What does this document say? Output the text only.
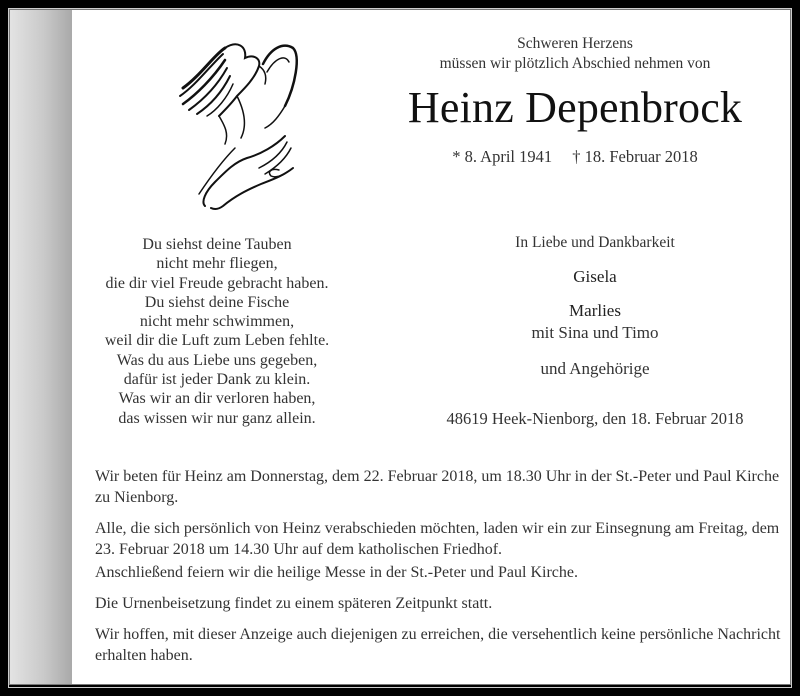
Schweren Herzens
müssen wir plötzlich Abschied nehmen von
Heinz Depenbrock
* 8. April 1941 † 18. Februar 2018
Du siehst deine Tauben
nicht mehr fliegen,
die dir viel Freude gebracht haben.
Du siehst deine Fische
nicht mehr schwimmen,
weil dir die Luft zum Leben fehlte.
Was du aus Liebe uns gegeben,
dafür ist jeder Dank zu klein.
Was wir an dir verloren haben,
das wissen wir nur ganz allein.
In Liebe und Dankbarkeit
Gisela
Marlies
mit Sina und Timo
und Angehörige
48619 Heek-Nienborg, den 18. Februar 2018

Wir beten für Heinz am Donnerstag, dem 22. Februar 2018, um 18.30 Uhr in der St.-Peter und Paul Kirche zu Nienborg.

Alle, die sich persönlich von Heinz verabschieden möchten, laden wir ein zur Einsegnung am Freitag, dem 23. Februar 2018 um 14.30 Uhr auf dem katholischen Friedhof.

Anschließend feiern wir die heilige Messe in der St.-Peter und Paul Kirche.

Die Urnenbeisetzung findet zu einem späteren Zeitpunkt statt.

Wir hoffen, mit dieser Anzeige auch diejenigen zu erreichen, die versehentlich keine persönliche Nachricht erhalten haben.
